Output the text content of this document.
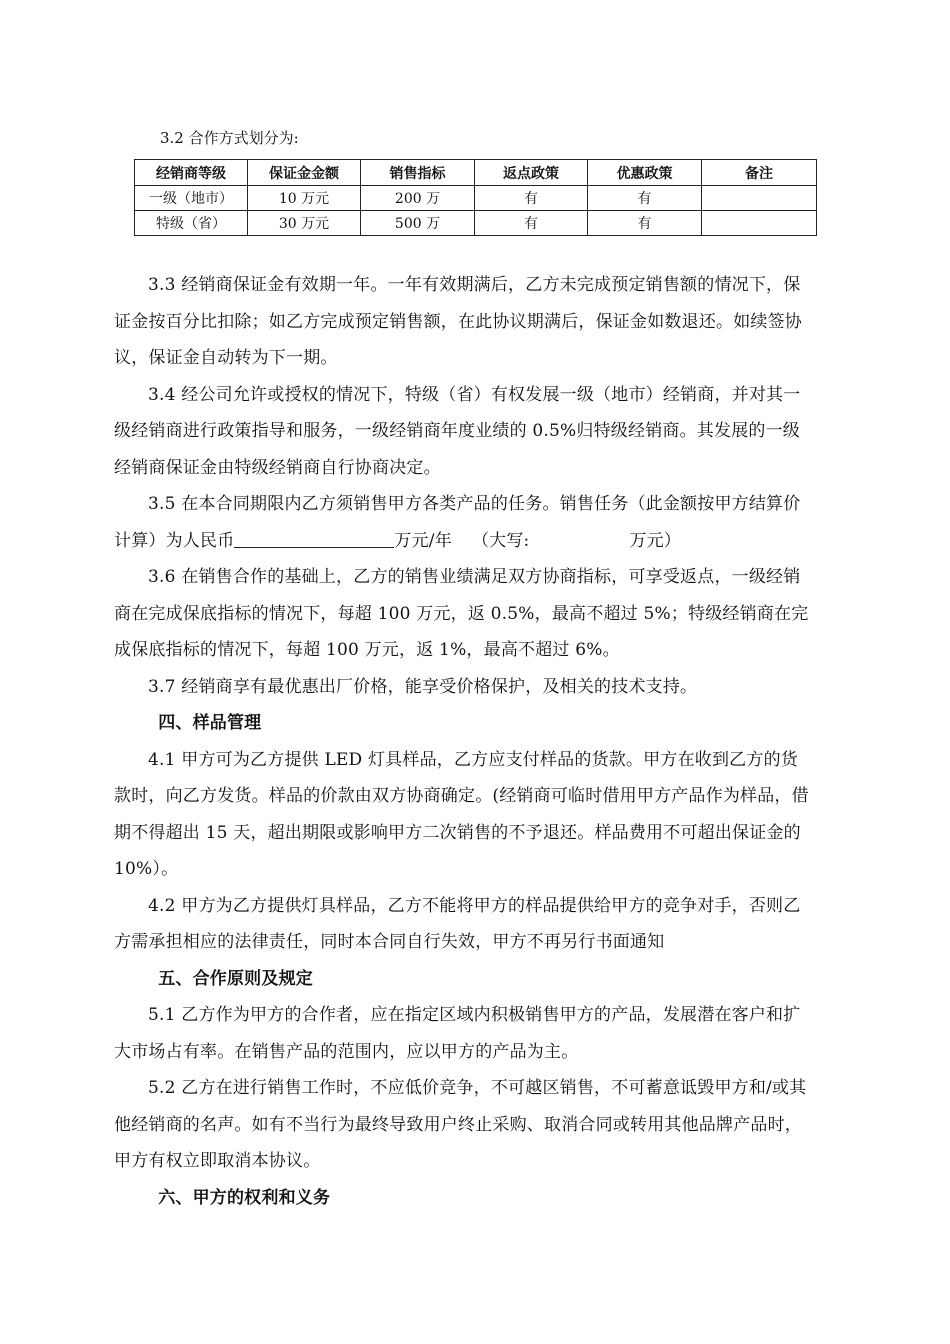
3.2 合作方式划分为:
经销商等级	保证金金额	销售指标	返点政策	优惠政策	备注
一级（地市）	10 万元	200 万	有	有	
特级（省）	30 万元	500 万	有	有	

3.3 经销商保证金有效期一年。一年有效期满后，乙方未完成预定销售额的情况下，保证金按百分比扣除；如乙方完成预定销售额，在此协议期满后，保证金如数退还。如续签协议，保证金自动转为下一期。

3.4 经公司允许或授权的情况下，特级（省）有权发展一级（地市）经销商，并对其一级经销商进行政策指导和服务，一级经销商年度业绩的 0.5%归特级经销商。其发展的一级经销商保证金由特级经销商自行协商决定。

3.5 在本合同期限内乙方须销售甲方各类产品的任务。销售任务（此金额按甲方结算价计算）为人民币	万元/年 （大写:	万元）

3.6 在销售合作的基础上，乙方的销售业绩满足双方协商指标，可享受返点，一级经销商在完成保底指标的情况下，每超 100 万元，返 0.5%，最高不超过 5%；特级经销商在完成保底指标的情况下，每超 100 万元，返 1%，最高不超过 6%。

3.7 经销商享有最优惠出厂价格，能享受价格保护，及相关的技术支持。

四、样品管理

4.1 甲方可为乙方提供 LED 灯具样品，乙方应支付样品的货款。甲方在收到乙方的货款时，向乙方发货。样品的价款由双方协商确定。(经销商可临时借用甲方产品作为样品，借期不得超出 15 天，超出期限或影响甲方二次销售的不予退还。样品费用不可超出保证金的 10%）。

4.2 甲方为乙方提供灯具样品，乙方不能将甲方的样品提供给甲方的竞争对手，否则乙方需承担相应的法律责任，同时本合同自行失效，甲方不再另行书面通知

五、合作原则及规定

5.1 乙方作为甲方的合作者，应在指定区域内积极销售甲方的产品，发展潜在客户和扩大市场占有率。在销售产品的范围内，应以甲方的产品为主。

5.2 乙方在进行销售工作时，不应低价竞争，不可越区销售，不可蓄意诋毁甲方和/或其他经销商的名声。如有不当行为最终导致用户终止采购、取消合同或转用其他品牌产品时，甲方有权立即取消本协议。

六、甲方的权利和义务
